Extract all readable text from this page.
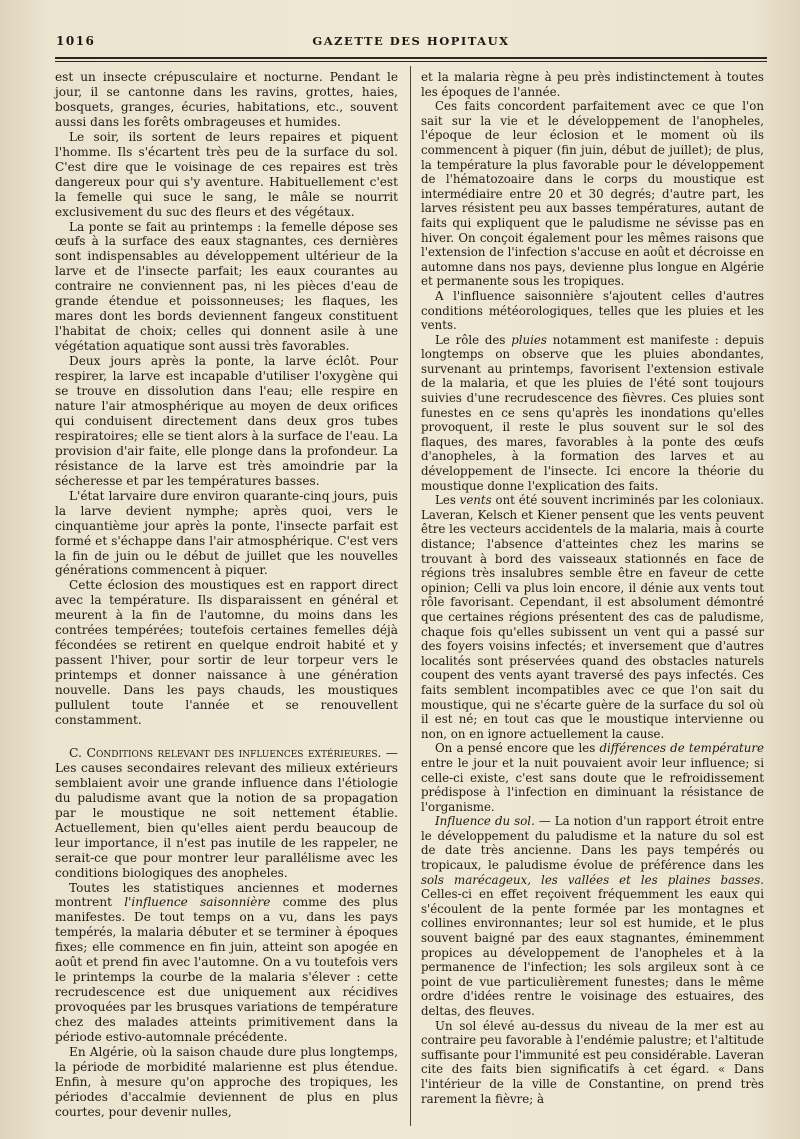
1016	GAZETTE DES HOPITAUX

est un insecte crépusculaire et nocturne. Pendant le jour, il se cantonne dans les ravins, grottes, haies, bosquets, granges, écuries, habitations, etc., souvent aussi dans les forêts ombrageuses et humides.

Le soir, ils sortent de leurs repaires et piquent l'homme. Ils s'écartent très peu de la surface du sol. C'est dire que le voisinage de ces repaires est très dangereux pour qui s'y aventure. Habituellement c'est la femelle qui suce le sang, le mâle se nourrit exclusivement du suc des fleurs et des végétaux.

La ponte se fait au printemps : la femelle dépose ses œufs à la surface des eaux stagnantes, ces dernières sont indispensables au développement ultérieur de la larve et de l'insecte parfait; les eaux courantes au contraire ne conviennent pas, ni les pièces d'eau de grande étendue et poissonneuses; les flaques, les mares dont les bords deviennent fangeux constituent l'habitat de choix; celles qui donnent asile à une végétation aquatique sont aussi très favorables.

Deux jours après la ponte, la larve éclôt. Pour respirer, la larve est incapable d'utiliser l'oxygène qui se trouve en dissolution dans l'eau; elle respire en nature l'air atmosphérique au moyen de deux orifices qui conduisent directement dans deux gros tubes respiratoires; elle se tient alors à la surface de l'eau. La provision d'air faite, elle plonge dans la profondeur. La résistance de la larve est très amoindrie par la sécheresse et par les températures basses.

L'état larvaire dure environ quarante-cinq jours, puis la larve devient nymphe; après quoi, vers le cinquantième jour après la ponte, l'insecte parfait est formé et s'échappe dans l'air atmosphérique. C'est vers la fin de juin ou le début de juillet que les nouvelles générations commencent à piquer.

Cette éclosion des moustiques est en rapport direct avec la température. Ils disparaissent en général et meurent à la fin de l'automne, du moins dans les contrées tempérées; toutefois certaines femelles déjà fécondées se retirent en quelque endroit habité et y passent l'hiver, pour sortir de leur torpeur vers le printemps et donner naissance à une génération nouvelle. Dans les pays chauds, les moustiques pullulent toute l'année et se renouvellent constamment.

C. Conditions relevant des influences extérieures. — Les causes secondaires relevant des milieux extérieurs semblaient avoir une grande influence dans l'étiologie du paludisme avant que la notion de sa propagation par le moustique ne soit nettement établie. Actuellement, bien qu'elles aient perdu beaucoup de leur importance, il n'est pas inutile de les rappeler, ne serait-ce que pour montrer leur parallélisme avec les conditions biologiques des anopheles.

Toutes les statistiques anciennes et modernes montrent l'influence saisonnière comme des plus manifestes. De tout temps on a vu, dans les pays tempérés, la malaria débuter et se terminer à époques fixes; elle commence en fin juin, atteint son apogée en août et prend fin avec l'automne. On a vu toutefois vers le printemps la courbe de la malaria s'élever : cette recrudescence est due uniquement aux récidives provoquées par les brusques variations de température chez des malades atteints primitivement dans la période estivo-automnale précédente.

En Algérie, où la saison chaude dure plus longtemps, la période de morbidité malarienne est plus étendue. Enfin, à mesure qu'on approche des tropiques, les périodes d'accalmie deviennent de plus en plus courtes, pour devenir nulles,

et la malaria règne à peu près indistinctement à toutes les époques de l'année.

Ces faits concordent parfaitement avec ce que l'on sait sur la vie et le développement de l'anopheles, l'époque de leur éclosion et le moment où ils commencent à piquer (fin juin, début de juillet); de plus, la température la plus favorable pour le développement de l'hématozoaire dans le corps du moustique est intermédiaire entre 20 et 30 degrés; d'autre part, les larves résistent peu aux basses températures, autant de faits qui expliquent que le paludisme ne sévisse pas en hiver. On conçoit également pour les mêmes raisons que l'extension de l'infection s'accuse en août et décroisse en automne dans nos pays, devienne plus longue en Algérie et permanente sous les tropiques.

A l'influence saisonnière s'ajoutent celles d'autres conditions météorologiques, telles que les pluies et les vents.

Le rôle des pluies notamment est manifeste : depuis longtemps on observe que les pluies abondantes, survenant au printemps, favorisent l'extension estivale de la malaria, et que les pluies de l'été sont toujours suivies d'une recrudescence des fièvres. Ces pluies sont funestes en ce sens qu'après les inondations qu'elles provoquent, il reste le plus souvent sur le sol des flaques, des mares, favorables à la ponte des œufs d'anopheles, à la formation des larves et au développement de l'insecte. Ici encore la théorie du moustique donne l'explication des faits.

Les vents ont été souvent incriminés par les coloniaux. Laveran, Kelsch et Kiener pensent que les vents peuvent être les vecteurs accidentels de la malaria, mais à courte distance; l'absence d'atteintes chez les marins se trouvant à bord des vaisseaux stationnés en face de régions très insalubres semble être en faveur de cette opinion; Celli va plus loin encore, il dénie aux vents tout rôle favorisant. Cependant, il est absolument démontré que certaines régions présentent des cas de paludisme, chaque fois qu'elles subissent un vent qui a passé sur des foyers voisins infectés; et inversement que d'autres localités sont préservées quand des obstacles naturels coupent des vents ayant traversé des pays infectés. Ces faits semblent incompatibles avec ce que l'on sait du moustique, qui ne s'écarte guère de la surface du sol où il est né; en tout cas que le moustique intervienne ou non, on en ignore actuellement la cause.

On a pensé encore que les différences de température entre le jour et la nuit pouvaient avoir leur influence; si celle-ci existe, c'est sans doute que le refroidissement prédispose à l'infection en diminuant la résistance de l'organisme.

Influence du sol. — La notion d'un rapport étroit entre le développement du paludisme et la nature du sol est de date très ancienne. Dans les pays tempérés ou tropicaux, le paludisme évolue de préférence dans les sols marécageux, les vallées et les plaines basses. Celles-ci en effet reçoivent fréquemment les eaux qui s'écoulent de la pente formée par les montagnes et collines environnantes; leur sol est humide, et le plus souvent baigné par des eaux stagnantes, éminemment propices au développement de l'anopheles et à la permanence de l'infection; les sols argileux sont à ce point de vue particulièrement funestes; dans le même ordre d'idées rentre le voisinage des estuaires, des deltas, des fleuves.

Un sol élevé au-dessus du niveau de la mer est au contraire peu favorable à l'endémie palustre; et l'altitude suffisante pour l'immunité est peu considérable. Laveran cite des faits bien significatifs à cet égard. « Dans l'intérieur de la ville de Constantine, on prend très rarement la fièvre; à
